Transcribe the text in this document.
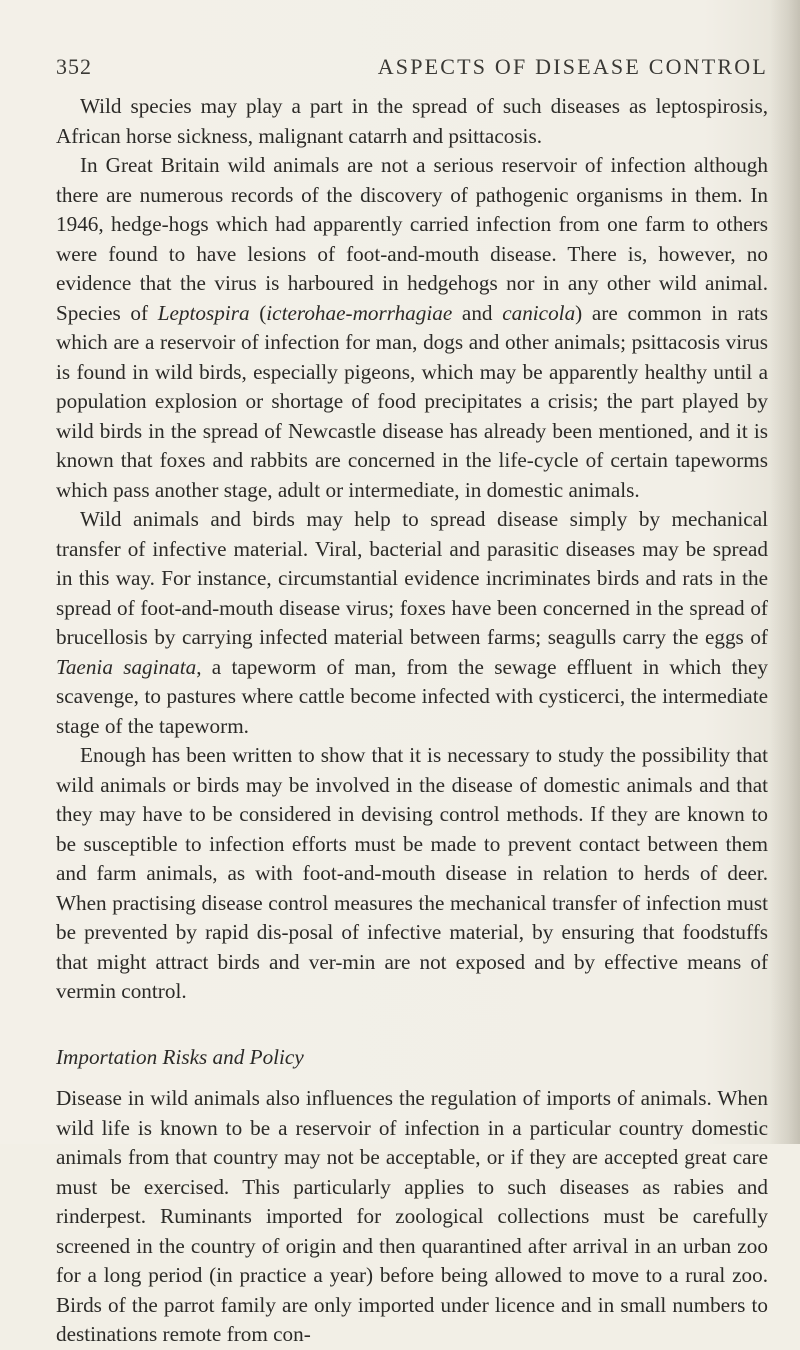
352	ASPECTS OF DISEASE CONTROL

Wild species may play a part in the spread of such diseases as leptospirosis, African horse sickness, malignant catarrh and psittacosis.

In Great Britain wild animals are not a serious reservoir of infection although there are numerous records of the discovery of pathogenic organisms in them. In 1946, hedge-hogs which had apparently carried infection from one farm to others were found to have lesions of foot-and-mouth disease. There is, however, no evidence that the virus is harboured in hedgehogs nor in any other wild animal. Species of Leptospira (icterohae-morrhagiae and canicola) are common in rats which are a reservoir of infection for man, dogs and other animals; psittacosis virus is found in wild birds, especially pigeons, which may be apparently healthy until a population explosion or shortage of food precipitates a crisis; the part played by wild birds in the spread of Newcastle disease has already been mentioned, and it is known that foxes and rabbits are concerned in the life-cycle of certain tapeworms which pass another stage, adult or intermediate, in domestic animals.

Wild animals and birds may help to spread disease simply by mechanical transfer of infective material. Viral, bacterial and parasitic diseases may be spread in this way. For instance, circumstantial evidence incriminates birds and rats in the spread of foot-and-mouth disease virus; foxes have been concerned in the spread of brucellosis by carrying infected material between farms; seagulls carry the eggs of Taenia saginata, a tapeworm of man, from the sewage effluent in which they scavenge, to pastures where cattle become infected with cysticerci, the intermediate stage of the tapeworm.

Enough has been written to show that it is necessary to study the possibility that wild animals or birds may be involved in the disease of domestic animals and that they may have to be considered in devising control methods. If they are known to be susceptible to infection efforts must be made to prevent contact between them and farm animals, as with foot-and-mouth disease in relation to herds of deer. When practising disease control measures the mechanical transfer of infection must be prevented by rapid dis-posal of infective material, by ensuring that foodstuffs that might attract birds and ver-min are not exposed and by effective means of vermin control.

Importation Risks and Policy

Disease in wild animals also influences the regulation of imports of animals. When wild life is known to be a reservoir of infection in a particular country domestic animals from that country may not be acceptable, or if they are accepted great care must be exercised. This particularly applies to such diseases as rabies and rinderpest. Ruminants imported for zoological collections must be carefully screened in the country of origin and then quarantined after arrival in an urban zoo for a long period (in practice a year) before being allowed to move to a rural zoo. Birds of the parrot family are only imported under licence and in small numbers to destinations remote from con-
